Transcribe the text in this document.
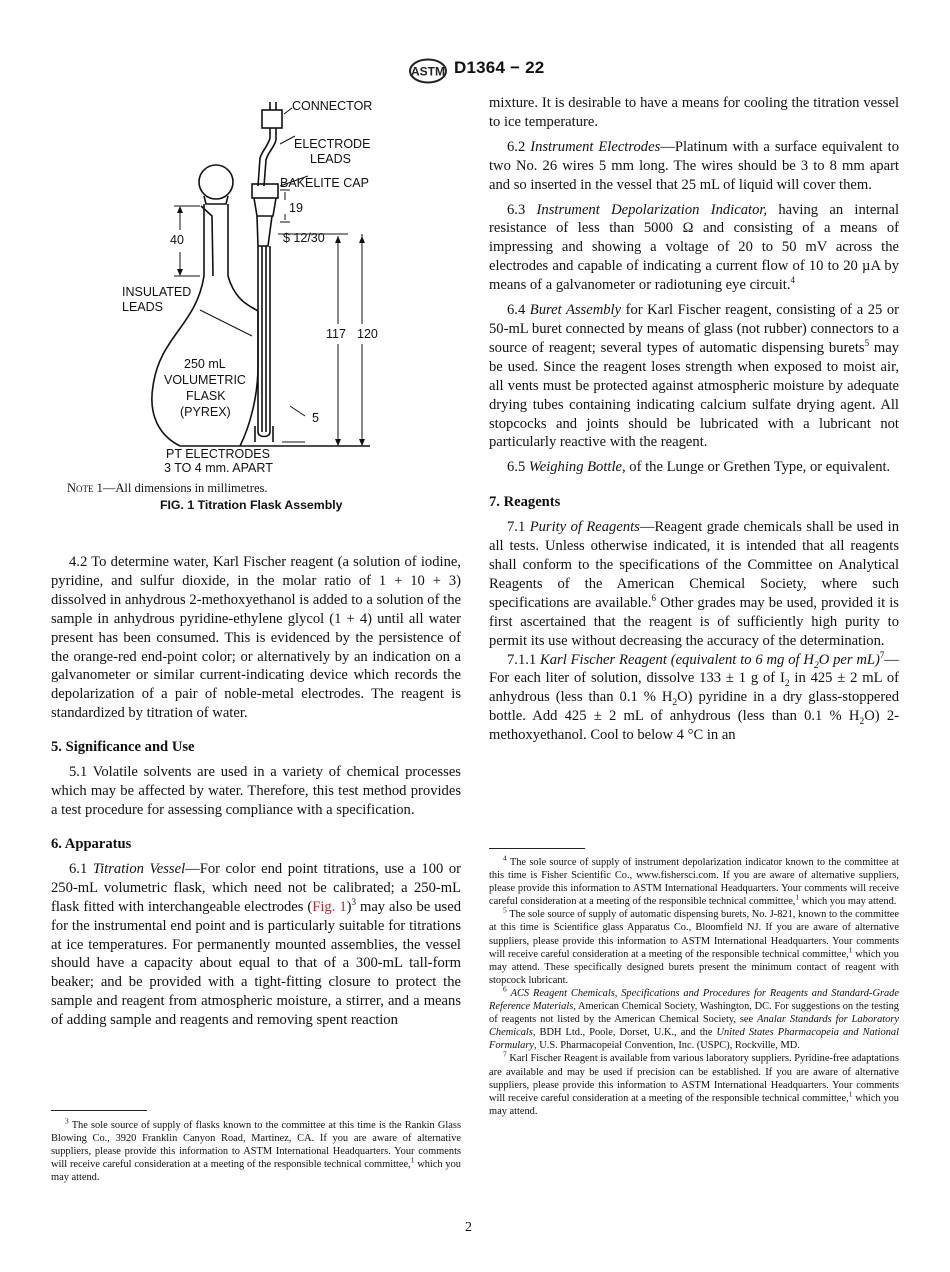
ASTM D1364 − 22
CONNECTOR
ELECTRODE
LEADS
BAKELITE CAP
19
40	$ 12/30
INSULATED
LEADS
117 120
250 mL
VOLUMETRIC
FLASK
(PYREX)	5
PT ELECTRODES
3 TO 4 mm. APART
Note 1—All dimensions in millimetres.
FIG. 1 Titration Flask Assembly

4.2 To determine water, Karl Fischer reagent (a solution of iodine, pyridine, and sulfur dioxide, in the molar ratio of 1 + 10 + 3) dissolved in anhydrous 2-methoxyethanol is added to a solution of the sample in anhydrous pyridine-ethylene glycol (1 + 4) until all water present has been consumed. This is evidenced by the persistence of the orange-red end-point color; or alternatively by an indication on a galvanometer or similar current-indicating device which records the depolarization of a pair of noble-metal electrodes. The reagent is standardized by titration of water.

5. Significance and Use

5.1 Volatile solvents are used in a variety of chemical processes which may be affected by water. Therefore, this test method provides a test procedure for assessing compliance with a specification.

6. Apparatus

6.1 Titration Vessel—For color end point titrations, use a 100 or 250-mL volumetric flask, which need not be calibrated; a 250-mL flask fitted with interchangeable electrodes (Fig. 1)$^3$ may also be used for the instrumental end point and is particularly suitable for titrations at ice temperatures. For permanently mounted assemblies, the vessel should have a capacity about equal to that of a 300-mL tall-form beaker; and be provided with a tight-fitting closure to protect the sample and reagent from atmospheric moisture, a stirrer, and a means of adding sample and reagents and removing spent reaction

$^3$ The sole source of supply of flasks known to the committee at this time is the Rankin Glass Blowing Co., 3920 Franklin Canyon Road, Martinez, CA. If you are aware of alternative suppliers, please provide this information to ASTM International Headquarters. Your comments will receive careful consideration at a meeting of the responsible technical committee,$^1$ which you may attend.

mixture. It is desirable to have a means for cooling the titration vessel to ice temperature.

6.2 Instrument Electrodes—Platinum with a surface equivalent to two No. 26 wires 5 mm long. The wires should be 3 to 8 mm apart and so inserted in the vessel that 25 mL of liquid will cover them.

6.3 Instrument Depolarization Indicator, having an internal resistance of less than 5000 Ω and consisting of a means of impressing and showing a voltage of 20 to 50 mV across the electrodes and capable of indicating a current flow of 10 to 20 µA by means of a galvanometer or radiotuning eye circuit.$^4$

6.4 Buret Assembly for Karl Fischer reagent, consisting of a 25 or 50-mL buret connected by means of glass (not rubber) connectors to a source of reagent; several types of automatic dispensing burets$^5$ may be used. Since the reagent loses strength when exposed to moist air, all vents must be protected against atmospheric moisture by adequate drying tubes containing indicating calcium sulfate drying agent. All stopcocks and joints should be lubricated with a lubricant not particularly reactive with the reagent.

6.5 Weighing Bottle, of the Lunge or Grethen Type, or equivalent.

7. Reagents

7.1 Purity of Reagents—Reagent grade chemicals shall be used in all tests. Unless otherwise indicated, it is intended that all reagents shall conform to the specifications of the Committee on Analytical Reagents of the American Chemical Society, where such specifications are available.$^6$ Other grades may be used, provided it is first ascertained that the reagent is of sufficiently high purity to permit its use without decreasing the accuracy of the determination.

7.1.1 Karl Fischer Reagent (equivalent to 6 mg of $H_2O$ per mL)$^7$—For each liter of solution, dissolve 133 ± 1 g of $I_2$ in 425 ± 2 mL of anhydrous (less than 0.1 % $H_2O$) pyridine in a dry glass-stoppered bottle. Add 425 ± 2 mL of anhydrous (less than 0.1 % $H_2O$) 2-methoxyethanol. Cool to below 4 °C in an

$^4$ The sole source of supply of instrument depolarization indicator known to the committee at this time is Fisher Scientific Co., www.fishersci.com. If you are aware of alternative suppliers, please provide this information to ASTM International Headquarters. Your comments will receive careful consideration at a meeting of the responsible technical committee,$^1$ which you may attend.

$^5$ The sole source of supply of automatic dispensing burets, No. J-821, known to the committee at this time is Scientifice glass Apparatus Co., Bloomfield NJ. If you are aware of alternative suppliers, please provide this information to ASTM International Headquarters. Your comments will receive careful consideration at a meeting of the responsible technical committee,$^1$ which you may attend. These specifically designed burets present the minimum contact of reagent with stopcock lubricant.

$^6$ ACS Reagent Chemicals, Specifications and Procedures for Reagents and Standard-Grade Reference Materials, American Chemical Society, Washington, DC. For suggestions on the testing of reagents not listed by the American Chemical Society, see Analar Standards for Laboratory Chemicals, BDH Ltd., Poole, Dorset, U.K., and the United States Pharmacopeia and National Formulary, U.S. Pharmacopeial Convention, Inc. (USPC), Rockville, MD.

$^7$ Karl Fischer Reagent is available from various laboratory suppliers. Pyridine-free adaptations are available and may be used if precision can be established. If you are aware of alternative suppliers, please provide this information to ASTM International Headquarters. Your comments will receive careful consideration at a meeting of the responsible technical committee,$^1$ which you may attend.

2
